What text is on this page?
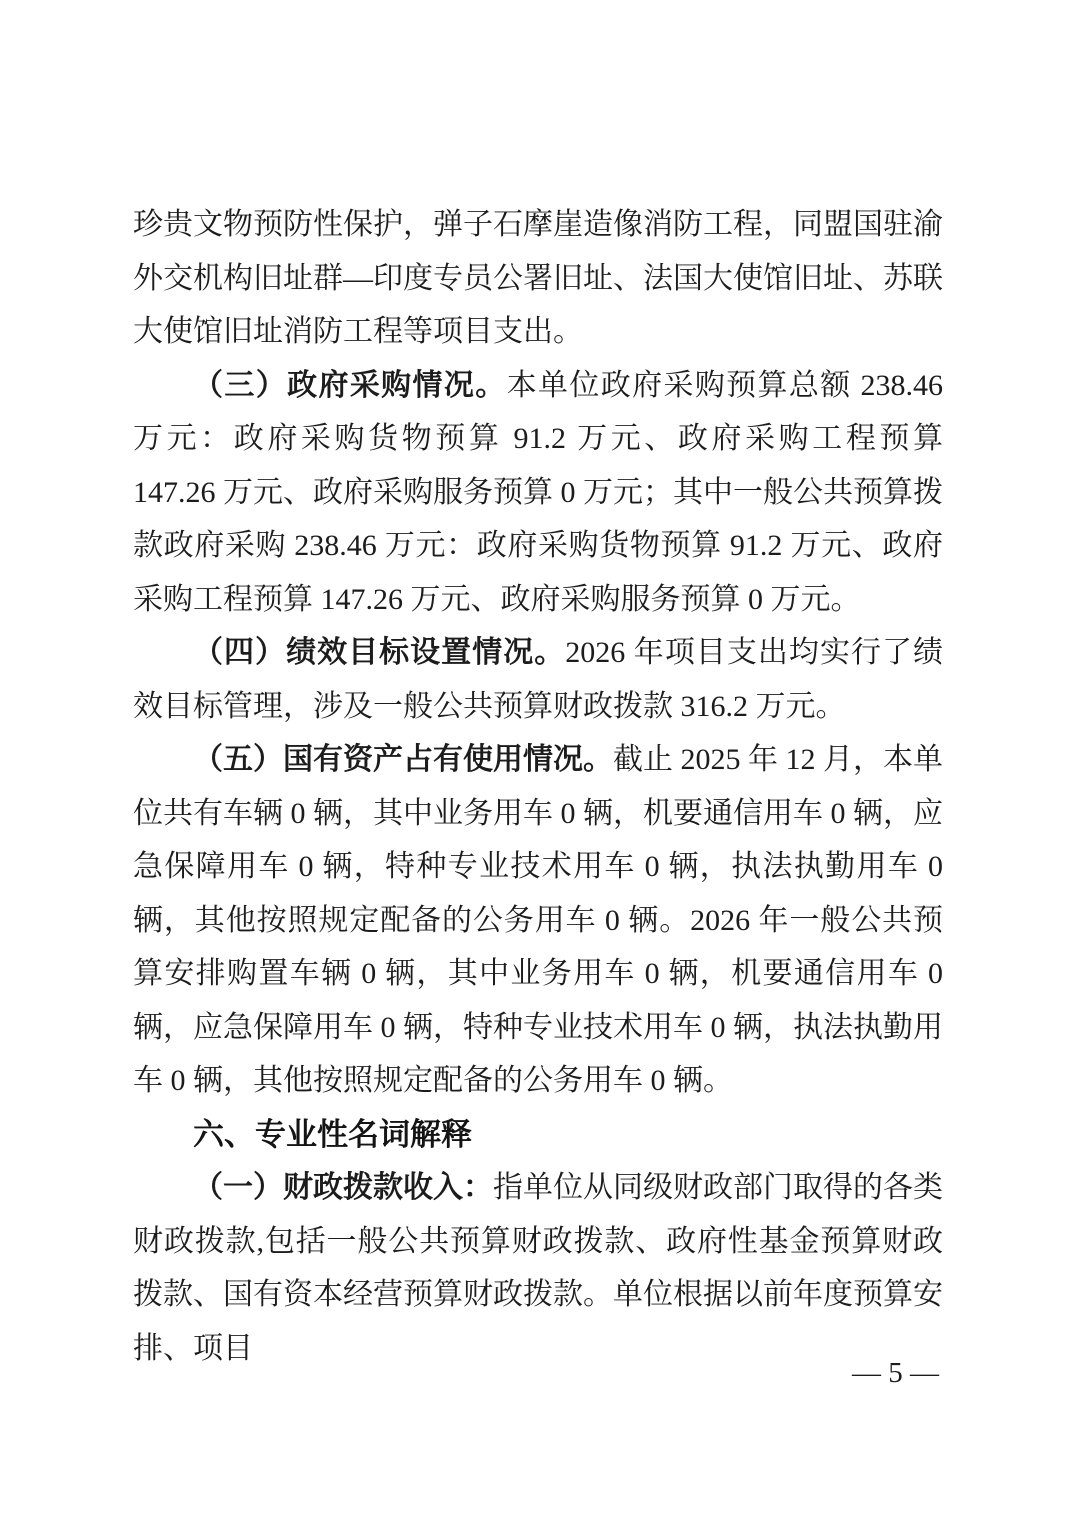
珍贵文物预防性保护，弹子石摩崖造像消防工程，同盟国驻渝外交机构旧址群—印度专员公署旧址、法国大使馆旧址、苏联大使馆旧址消防工程等项目支出。

（三）政府采购情况。本单位政府采购预算总额 238.46 万元：政府采购货物预算 91.2 万元、政府采购工程预算 147.26 万元、政府采购服务预算 0 万元；其中一般公共预算拨款政府采购 238.46 万元：政府采购货物预算 91.2 万元、政府采购工程预算 147.26 万元、政府采购服务预算 0 万元。

（四）绩效目标设置情况。2026 年项目支出均实行了绩效目标管理，涉及一般公共预算财政拨款 316.2 万元。

（五）国有资产占有使用情况。截止 2025 年 12 月，本单位共有车辆 0 辆，其中业务用车 0 辆，机要通信用车 0 辆，应急保障用车 0 辆，特种专业技术用车 0 辆，执法执勤用车 0 辆，其他按照规定配备的公务用车 0 辆。2026 年一般公共预算安排购置车辆 0 辆，其中业务用车 0 辆，机要通信用车 0 辆，应急保障用车 0 辆，特种专业技术用车 0 辆，执法执勤用车 0 辆，其他按照规定配备的公务用车 0 辆。

六、专业性名词解释

（一）财政拨款收入：指单位从同级财政部门取得的各类财政拨款,包括一般公共预算财政拨款、政府性基金预算财政拨款、国有资本经营预算财政拨款。单位根据以前年度预算安排、项目

— 5 —
